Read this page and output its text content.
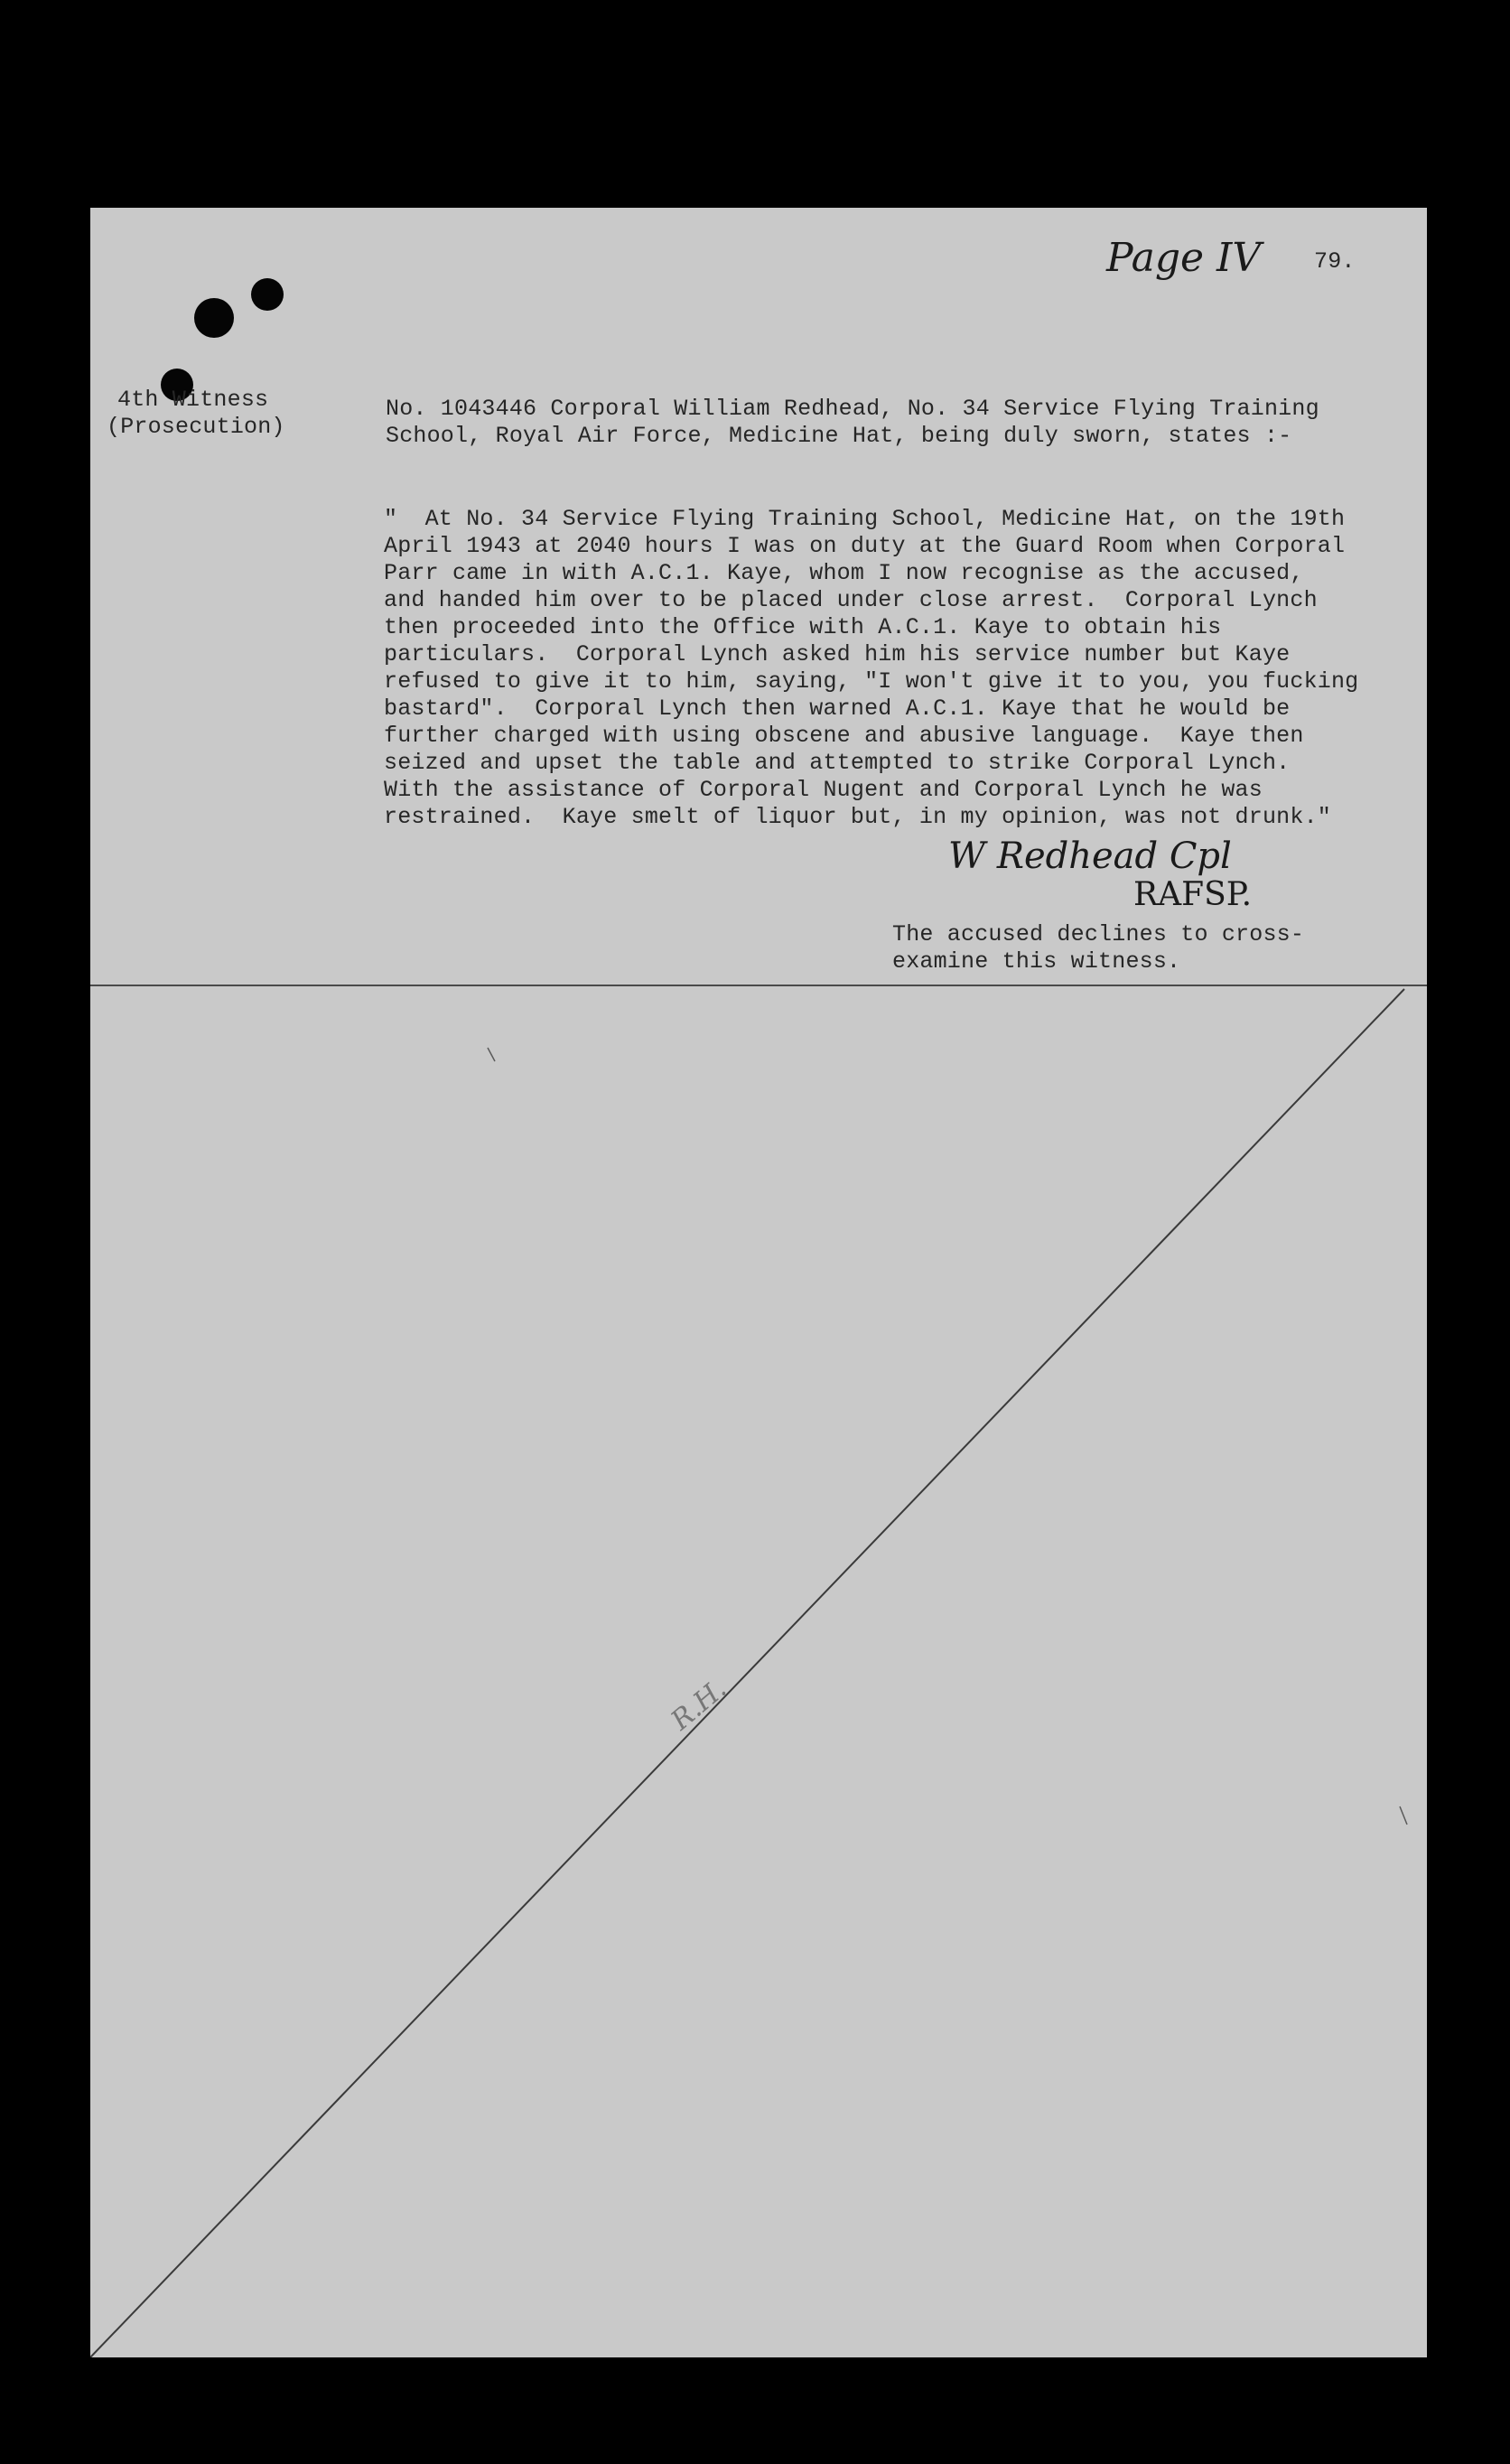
Page IV 79.
4th Witness
(Prosecution)
No. 1043446 Corporal William Redhead, No. 34 Service Flying Training
School, Royal Air Force, Medicine Hat, being duly sworn, states :-
"  At No. 34 Service Flying Training School, Medicine Hat, on the 19th
April 1943 at 2040 hours I was on duty at the Guard Room when Corporal
Parr came in with A.C.1. Kaye, whom I now recognise as the accused,
and handed him over to be placed under close arrest.  Corporal Lynch
then proceeded into the Office with A.C.1. Kaye to obtain his
particulars.  Corporal Lynch asked him his service number but Kaye
refused to give it to him, saying, "I won't give it to you, you fucking
bastard".  Corporal Lynch then warned A.C.1. Kaye that he would be
further charged with using obscene and abusive language.  Kaye then
seized and upset the table and attempted to strike Corporal Lynch.
With the assistance of Corporal Nugent and Corporal Lynch he was
restrained.  Kaye smelt of liquor but, in my opinion, was not drunk."
W Redhead Cpl
RAFSP.
The accused declines to cross-
examine this witness.
R.H.
